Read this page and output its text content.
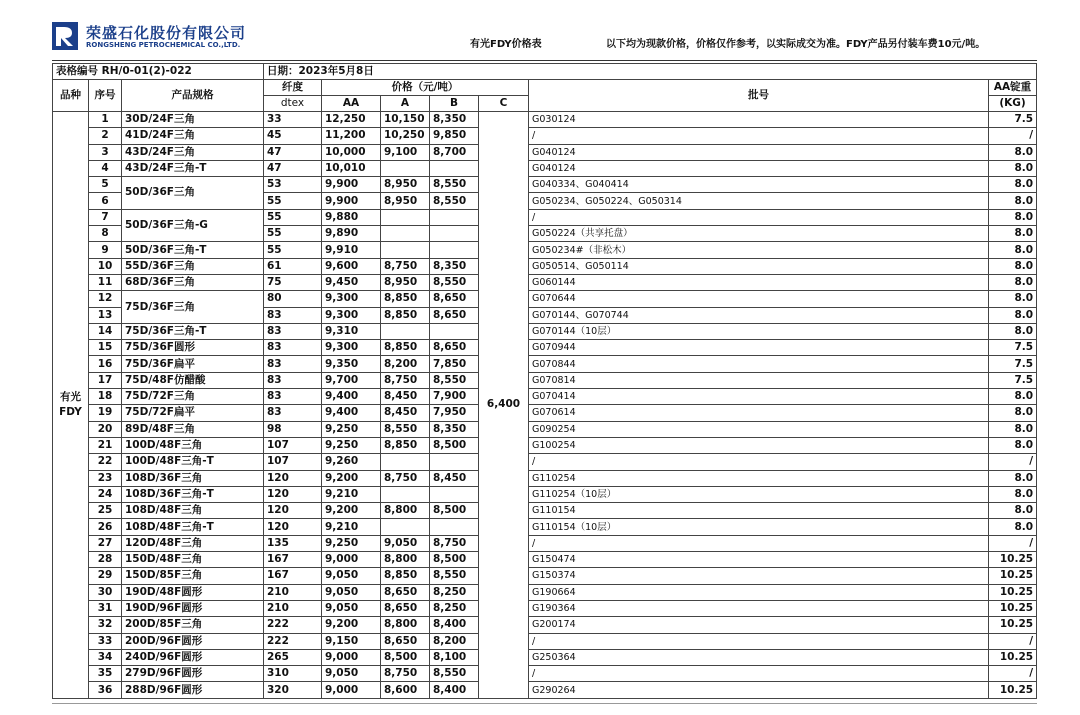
荣盛石化股份有限公司
RONGSHENG PETROCHEMICAL CO.,LTD.	有光FDY价格表	以下均为现款价格，价格仅作参考，以实际成交为准。FDY产品另付装车费10元/吨。
表格编号 RH/0-01(2)-022			日期：2023年5月8日						
品种	序号	产品规格	纤度	价格（元/吨）				批号	AA锭重
			dtex	AA	A	B	C		(KG)
有光
FDY	1	30D/24F三角	33	12,250	10,150	8,350	6,400	G030124	7.5
	2	41D/24F三角	45	11,200	10,250	9,850		/	/
	3	43D/24F三角	47	10,000	9,100	8,700		G040124	8.0
	4	43D/24F三角-T	47	10,010				G040124	8.0
	5	50D/36F三角	53	9,900	8,950	8,550		G040334、G040414	8.0
	6		55	9,900	8,950	8,550		G050234、G050224、G050314	8.0
	7	50D/36F三角-G	55	9,880				/	8.0
	8		55	9,890				G050224（共享托盘）	8.0
	9	50D/36F三角-T	55	9,910				G050234#（非松木）	8.0
	10	55D/36F三角	61	9,600	8,750	8,350		G050514、G050114	8.0
	11	68D/36F三角	75	9,450	8,950	8,550		G060144	8.0
	12	75D/36F三角	80	9,300	8,850	8,650		G070644	8.0
	13		83	9,300	8,850	8,650		G070144、G070744	8.0
	14	75D/36F三角-T	83	9,310				G070144（10层）	8.0
	15	75D/36F圆形	83	9,300	8,850	8,650		G070944	7.5
	16	75D/36F扁平	83	9,350	8,200	7,850		G070844	7.5
	17	75D/48F仿醋酸	83	9,700	8,750	8,550		G070814	7.5
	18	75D/72F三角	83	9,400	8,450	7,900		G070414	8.0
	19	75D/72F扁平	83	9,400	8,450	7,950		G070614	8.0
	20	89D/48F三角	98	9,250	8,550	8,350		G090254	8.0
	21	100D/48F三角	107	9,250	8,850	8,500		G100254	8.0
	22	100D/48F三角-T	107	9,260				/	/
	23	108D/36F三角	120	9,200	8,750	8,450		G110254	8.0
	24	108D/36F三角-T	120	9,210				G110254（10层）	8.0
	25	108D/48F三角	120	9,200	8,800	8,500		G110154	8.0
	26	108D/48F三角-T	120	9,210				G110154（10层）	8.0
	27	120D/48F三角	135	9,250	9,050	8,750		/	/
	28	150D/48F三角	167	9,000	8,800	8,500		G150474	10.25
	29	150D/85F三角	167	9,050	8,850	8,550		G150374	10.25
	30	190D/48F圆形	210	9,050	8,650	8,250		G190664	10.25
	31	190D/96F圆形	210	9,050	8,650	8,250		G190364	10.25
	32	200D/85F三角	222	9,200	8,800	8,400		G200174	10.25
	33	200D/96F圆形	222	9,150	8,650	8,200		/	/
	34	240D/96F圆形	265	9,000	8,500	8,100		G250364	10.25
	35	279D/96F圆形	310	9,050	8,750	8,550		/	/
	36	288D/96F圆形	320	9,000	8,600	8,400		G290264	10.25
